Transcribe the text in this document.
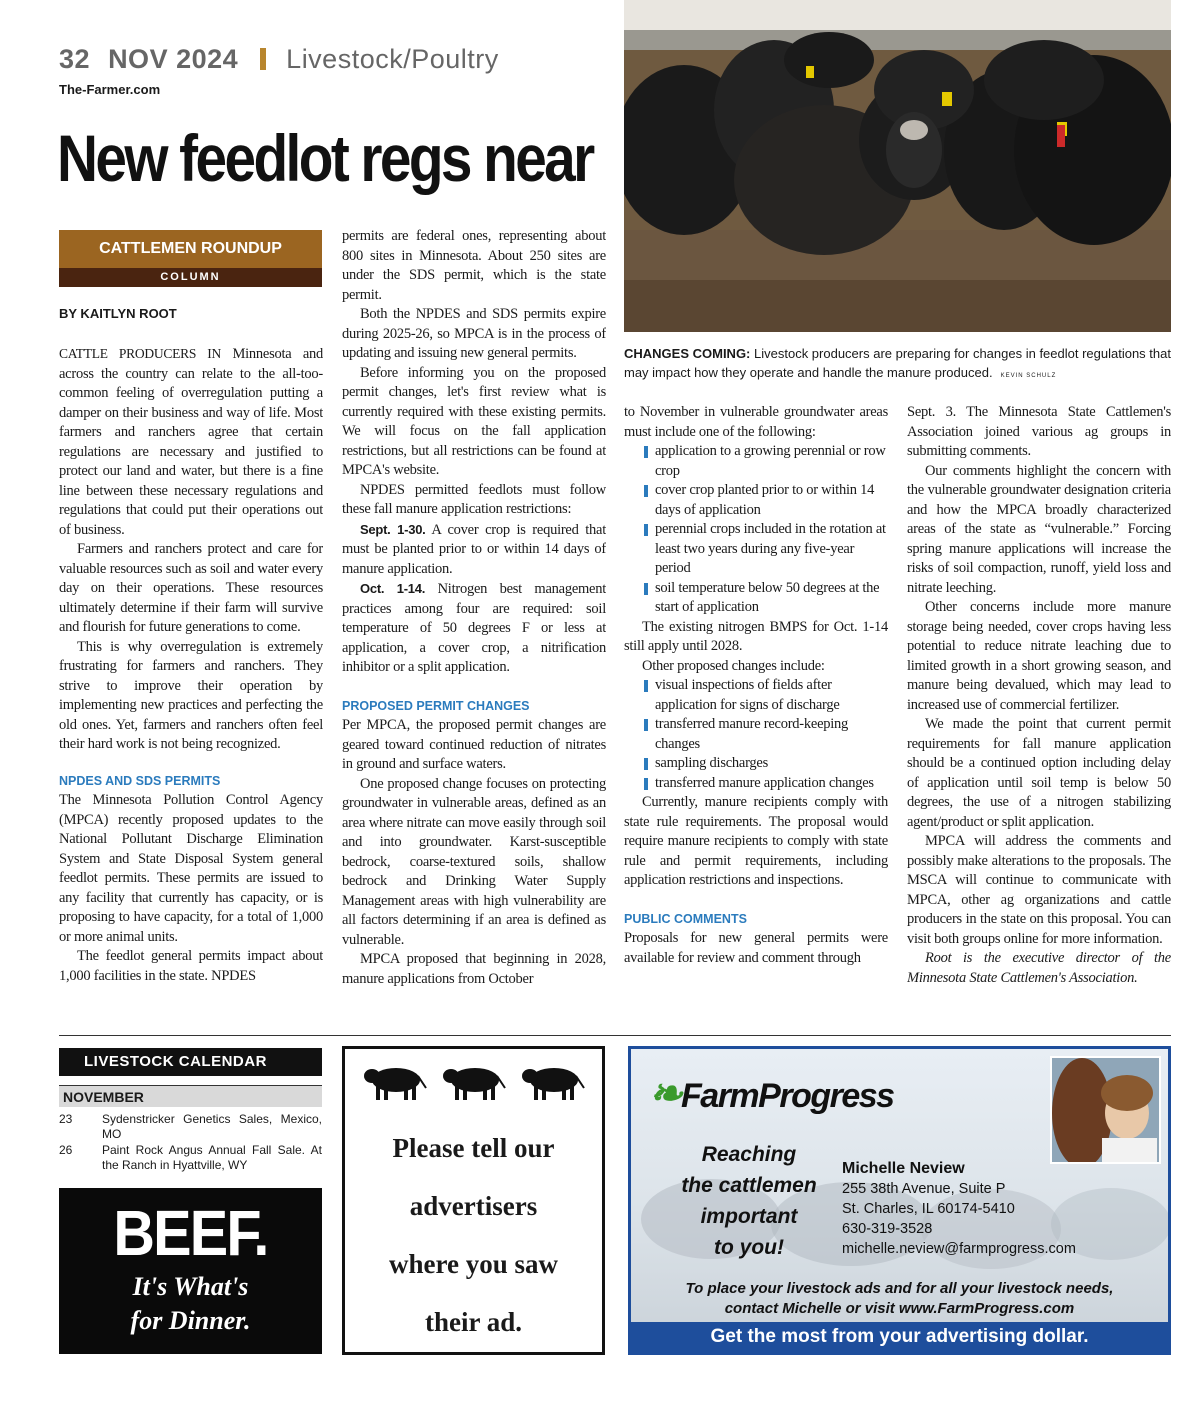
32 NOV 2024 Livestock/Poultry
The-Farmer.com
New feedlot regs near
CATTLEMEN ROUNDUP
COLUMN
BY KAITLYN ROOT

CATTLE PRODUCERS IN Minnesota and across the country can relate to the all-too-common feeling of overregulation putting a damper on their business and way of life. Most farmers and ranchers agree that certain regulations are necessary and justified to protect our land and water, but there is a fine line between these necessary regulations and regulations that could put their operations out of business.

Farmers and ranchers protect and care for valuable resources such as soil and water every day on their operations. These resources ultimately determine if their farm will survive and flourish for future generations to come.

This is why overregulation is extremely frustrating for farmers and ranchers. They strive to improve their operation by implementing new practices and perfecting the old ones. Yet, farmers and ranchers often feel their hard work is not being recognized.

NPDES AND SDS PERMITS

The Minnesota Pollution Control Agency (MPCA) recently proposed updates to the National Pollutant Discharge Elimination System and State Disposal System general feedlot permits. These permits are issued to any facility that currently has capacity, or is proposing to have capacity, for a total of 1,000 or more animal units.

The feedlot general permits impact about 1,000 facilities in the state. NPDES

permits are federal ones, representing about 800 sites in Minnesota. About 250 sites are under the SDS permit, which is the state permit.

Both the NPDES and SDS permits expire during 2025-26, so MPCA is in the process of updating and issuing new general permits.

Before informing you on the proposed permit changes, let's first review what is currently required with these existing permits. We will focus on the fall application restrictions, but all restrictions can be found at MPCA's website.

NPDES permitted feedlots must follow these fall manure application restrictions:

Sept. 1-30. A cover crop is required that must be planted prior to or within 14 days of manure application.

Oct. 1-14. Nitrogen best management practices among four are required: soil temperature of 50 degrees F or less at application, a cover crop, a nitrification inhibitor or a split application.

PROPOSED PERMIT CHANGES

Per MPCA, the proposed permit changes are geared toward continued reduction of nitrates in ground and surface waters.

One proposed change focuses on protecting groundwater in vulnerable areas, defined as an area where nitrate can move easily through soil and into groundwater. Karst-susceptible bedrock, coarse-textured soils, shallow bedrock and Drinking Water Supply Management areas with high vulnerability are all factors determining if an area is defined as vulnerable.

MPCA proposed that beginning in 2028, manure applications from October

CHANGES COMING: Livestock producers are preparing for changes in feedlot regulations that may impact how they operate and handle the manure produced. KEVIN SCHULZ

to November in vulnerable groundwater areas must include one of the following:

application to a growing perennial or row crop
cover crop planted prior to or within 14 days of application
perennial crops included in the rotation at least two years during any five-year period
soil temperature below 50 degrees at the start of application

The existing nitrogen BMPS for Oct. 1-14 still apply until 2028.

Other proposed changes include:

visual inspections of fields after application for signs of discharge
transferred manure record-keeping changes
sampling discharges
transferred manure application changes

Currently, manure recipients comply with state rule requirements. The proposal would require manure recipients to comply with state rule and permit requirements, including application restrictions and inspections.

PUBLIC COMMENTS

Proposals for new general permits were available for review and comment through

Sept. 3. The Minnesota State Cattlemen's Association joined various ag groups in submitting comments.

Our comments highlight the concern with the vulnerable groundwater designation criteria and how the MPCA broadly characterized areas of the state as “vulnerable.” Forcing spring manure applications will increase the risks of soil compaction, runoff, yield loss and nitrate leeching.

Other concerns include more manure storage being needed, cover crops having less potential to reduce nitrate leaching due to limited growth in a short growing season, and manure being devalued, which may lead to increased use of commercial fertilizer.

We made the point that current permit requirements for fall manure application should be a continued option including delay of application until soil temp is below 50 degrees, the use of a nitrogen stabilizing agent/product or split application.

MPCA will address the comments and possibly make alterations to the proposals. The MSCA will continue to communicate with MPCA, other ag organizations and cattle producers in the state on this proposal. You can visit both groups online for more information.

Root is the executive director of the Minnesota State Cattlemen's Association.

LIVESTOCK CALENDAR
NOVEMBER
23	Sydenstricker Genetics Sales, Mexico, MO
26	Paint Rock Angus Annual Fall Sale. At the Ranch in Hyattville, WY
BEEF.
It's What's
for Dinner.
Please tell our
advertisers
where you saw
their ad.
❧FarmProgress
Reaching
the cattlemen
important
to you!
Michelle Neview
255 38th Avenue, Suite P
St. Charles, IL 60174-5410
630-319-3528
michelle.neview@farmprogress.com
To place your livestock ads and for all your livestock needs,
contact Michelle or visit www.FarmProgress.com
Get the most from your advertising dollar.
